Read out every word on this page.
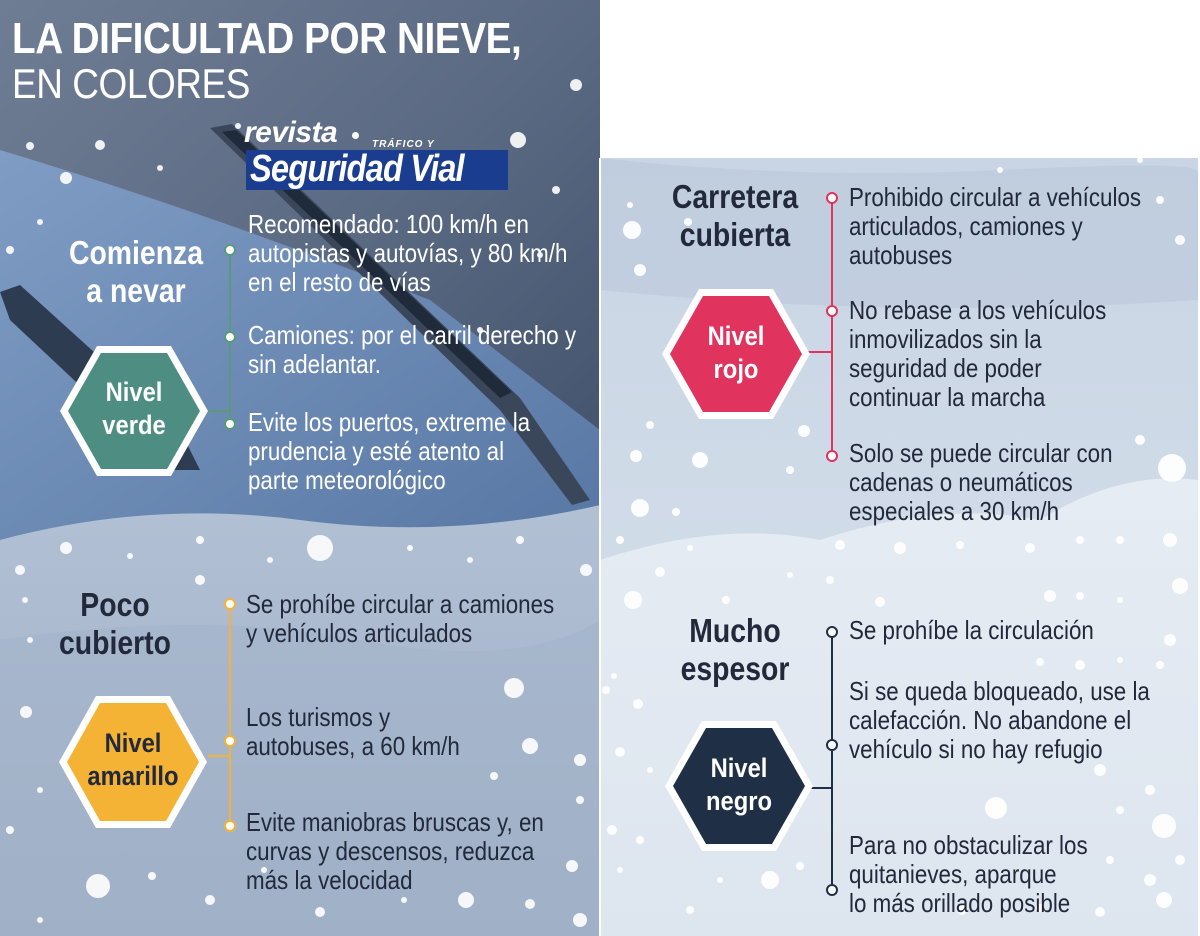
LA DIFICULTAD POR NIEVE,
EN COLORES
revista	TRÁFICO Y
Seguridad Vial
Comienza
a nevar
Nivel
verde
Recomendado: 100 km/h en
autopistas y autovías, y 80 km/h
en el resto de vías
Camiones: por el carril derecho y
sin adelantar.
Evite los puertos, extreme la
prudencia y esté atento al
parte meteorológico
Poco
cubierto
Nivel
amarillo
Se prohíbe circular a camiones
y vehículos articulados
Los turismos y
autobuses, a 60 km/h
Evite maniobras bruscas y, en
curvas y descensos, reduzca
más la velocidad
Carretera
cubierta
Nivel
rojo
Prohibido circular a vehículos
articulados, camiones y
autobuses
No rebase a los vehículos
inmovilizados sin la
seguridad de poder
continuar la marcha
Solo se puede circular con
cadenas o neumáticos
especiales a 30 km/h
Mucho
espesor
Nivel
negro
Se prohíbe la circulación
Si se queda bloqueado, use la
calefacción. No abandone el
vehículo si no hay refugio
Para no obstaculizar los
quitanieves, aparque
lo más orillado posible
